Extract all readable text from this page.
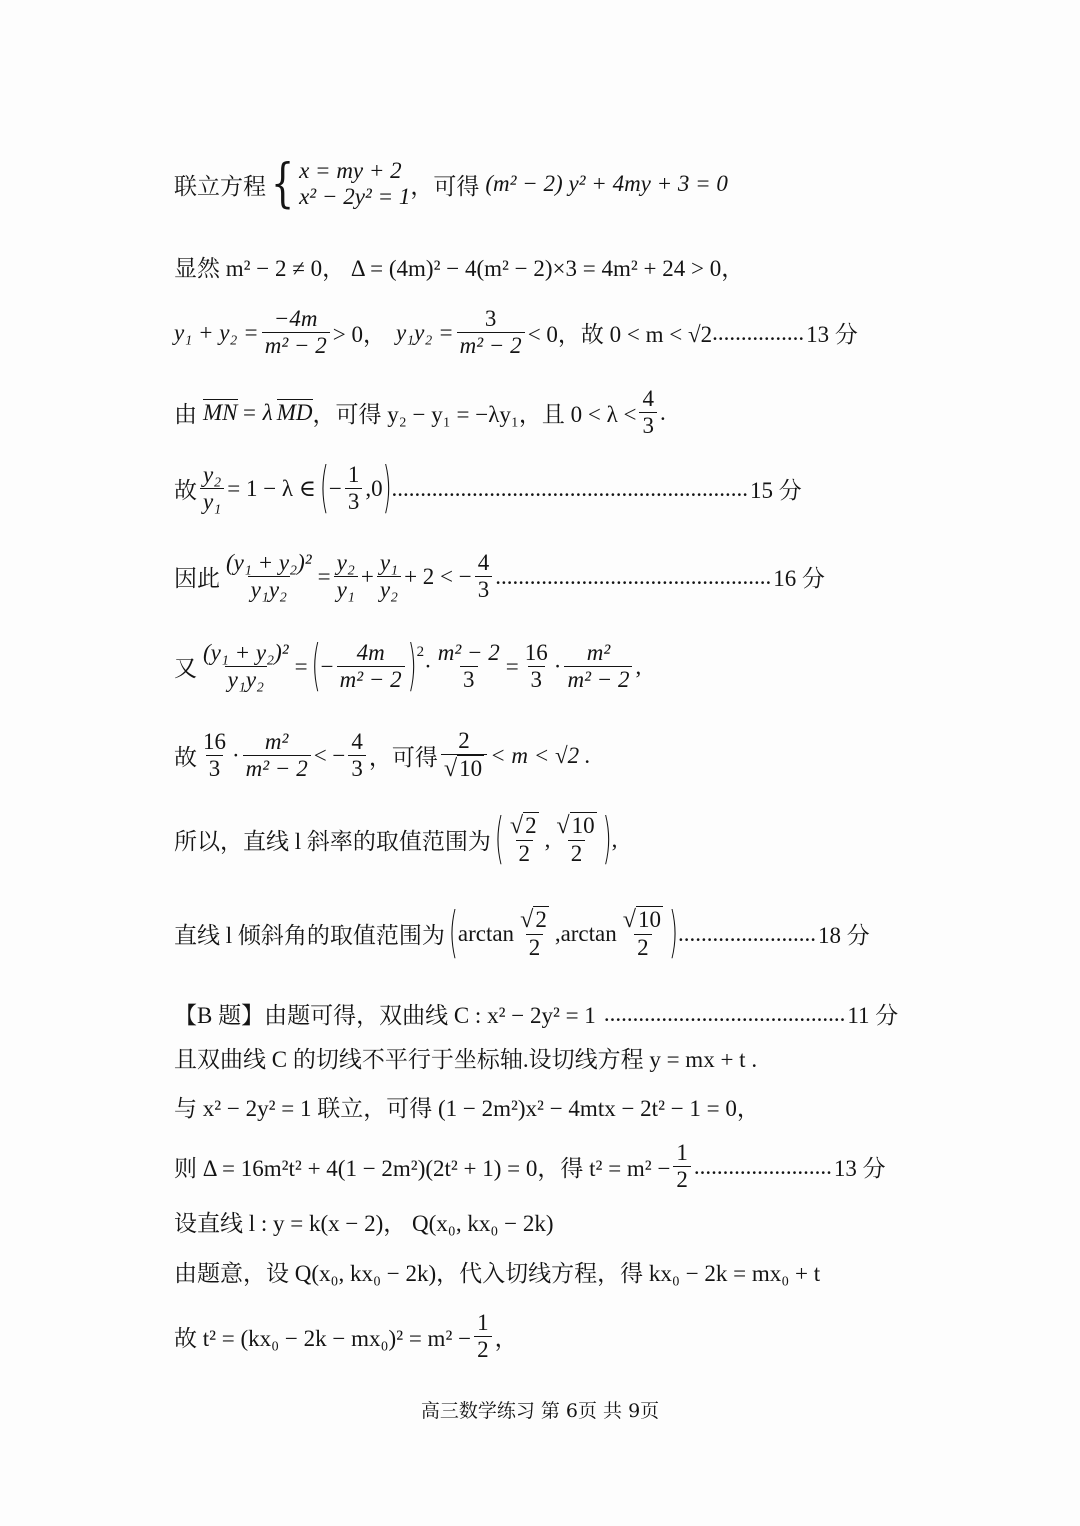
联立方程 { x = my + 2
x² − 2y² = 1 ，可得 (m² − 2) y² + 4my + 3 = 0
显然 m² − 2 ≠ 0， Δ = (4m)² − 4(m² − 2)×3 = 4m² + 24 > 0，
$y_1 + y_2 = \frac{-4m}{\text{m² − 2}} > 0$， $y_1y_2 = \frac{3}{\text{m² − 2}} < 0$，故 0 < m < √2 ................ 13 分
由 MN = λ MD ，可得 y₂ − y₁ = −λy₁，且 $0 < \lambda < \frac{4}{3}$ .
故 $\frac{\text{y₂}}{\text{y₁}} = 1 - \lambda$ ∈ ( − $\frac{1}{3} ,0$ ) .............................................................. 15 分
因此 $\frac{\text{(y₁ + y₂)²}}{\text{y₁y₂}} = \frac{\text{y₂}}{\text{y₁}} + \frac{\text{y₁}}{\text{y₂}} + 2$ < − $\frac{4}{3}$ ................................................ 16 分
又 $\frac{\text{(y₁ + y₂)²}}{\text{y₁y₂}}$ = ( − $\frac{4m}{\text{m² − 2}}$ ) 2
· $\frac{\text{m² − 2}}{3} = \frac{16}{3} \cdot \frac{\text{m²}}{\text{m² − 2}}$ ,
故 $\frac{16}{3} \cdot \frac{\text{m²}}{\text{m² − 2}}$ < − $\frac{4}{3}$ ，可得 $\frac{2}{√ 10} < m < √2$ .
所以，直线 l 斜率的取值范围为 ( $\frac{√ 2}{2}$ , $\frac{√ 10}{2}$ ) ,
直线 l 倾斜角的取值范围为 ( $\arctan \frac{√ 2}{2}$ , $\arctan \frac{√ 10}{2}$ ) ........................ 18 分
【B 题】 由题可得，双曲线 C : x² − 2y² = 1 .......................................... 11 分
且双曲线 C 的切线不平行于坐标轴.设切线方程 y = mx + t .
与 x² − 2y² = 1 联立，可得 (1 − 2m²)x² − 4mtx − 2t² − 1 = 0，
则 Δ = 16m²t² + 4(1 − 2m²)(2t² + 1) = 0，得 $t^2 = m^2 - \frac{1}{2}$ ........................ 13 分
设直线 l : y = k(x − 2)， Q(x₀, kx₀ − 2k)
由题意，设 Q(x₀, kx₀ − 2k)，代入切线方程，得 kx₀ − 2k = mx₀ + t
故 $t^2 = (kx_0 - 2k - mx_0)^2 = m^2 - \frac{1}{2}$ ，
高三数学练习 第 6页 共 9页
